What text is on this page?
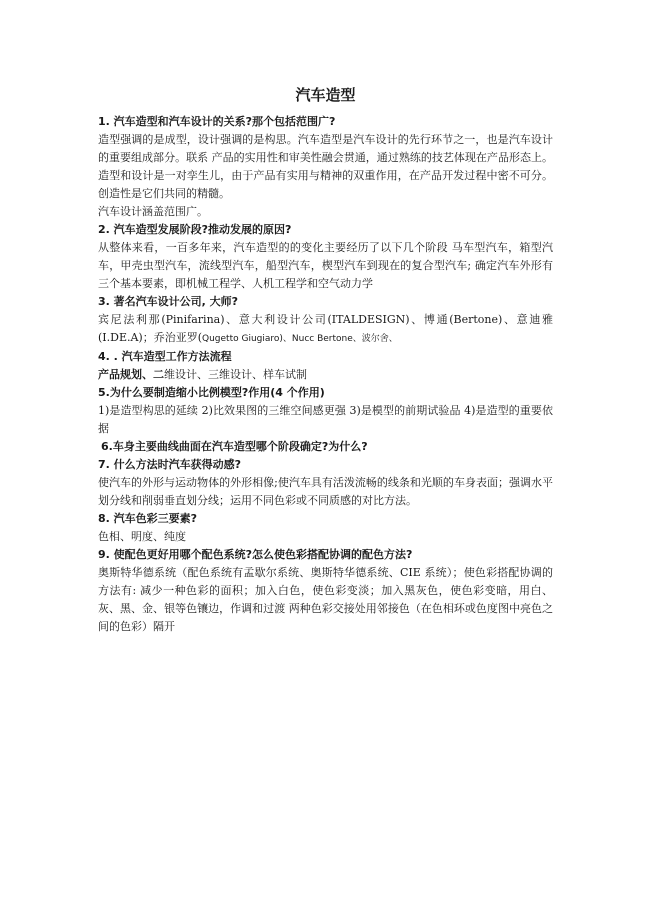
汽车造型
1. 汽车造型和汽车设计的关系?那个包括范围广?
造型强调的是成型，设计强调的是构思。汽车造型是汽车设计的先行环节之一，也是汽车设计的重要组成部分。联系 产品的实用性和审美性融会贯通，通过熟练的技艺体现在产品形态上。造型和设计是一对孪生儿，由于产品有实用与精神的双重作用，在产品开发过程中密不可分。创造性是它们共同的精髓。
汽车设计涵盖范围广。
2. 汽车造型发展阶段?推动发展的原因?
从整体来看，一百多年来，汽车造型的的变化主要经历了以下几个阶段 马车型汽车，箱型汽车，甲壳虫型汽车，流线型汽车，船型汽车，楔型汽车到现在的复合型汽车; 确定汽车外形有三个基本要素，即机械工程学、人机工程学和空气动力学
3. 著名汽车设计公司, 大师?
宾尼法利那(Pinifarina)、意大利设计公司(ITALDESIGN)、博通(Bertone)、意迪雅(I.DE.A)；乔治亚罗(Qugetto Giugiaro)、Nucc Bertone、波尔舍、
4. . 汽车造型工作方法流程
产品规划、二维设计、三维设计、样车试制
5.为什么要制造缩小比例模型?作用(4 个作用)
1)是造型构思的延续 2)比效果图的三维空间感更强 3)是模型的前期试验品 4)是造型的重要依据
6.车身主要曲线曲面在汽车造型哪个阶段确定?为什么?
7. 什么方法时汽车获得动感?
使汽车的外形与运动物体的外形相像;使汽车具有活泼流畅的线条和光顺的车身表面；强调水平划分线和削弱垂直划分线；运用不同色彩或不同质感的对比方法。
8. 汽车色彩三要素?
色相、明度、纯度
9. 使配色更好用哪个配色系统?怎么使色彩搭配协调的配色方法?
奥斯特华德系统（配色系统有孟歇尔系统、奥斯特华德系统、CIE 系统）；使色彩搭配协调的方法有: 减少一种色彩的面积；加入白色，使色彩变淡；加入黑灰色，使色彩变暗，用白、灰、黑、金、银等色镶边，作调和过渡 两种色彩交接处用邻接色（在色相环或色度图中亮色之间的色彩）隔开
